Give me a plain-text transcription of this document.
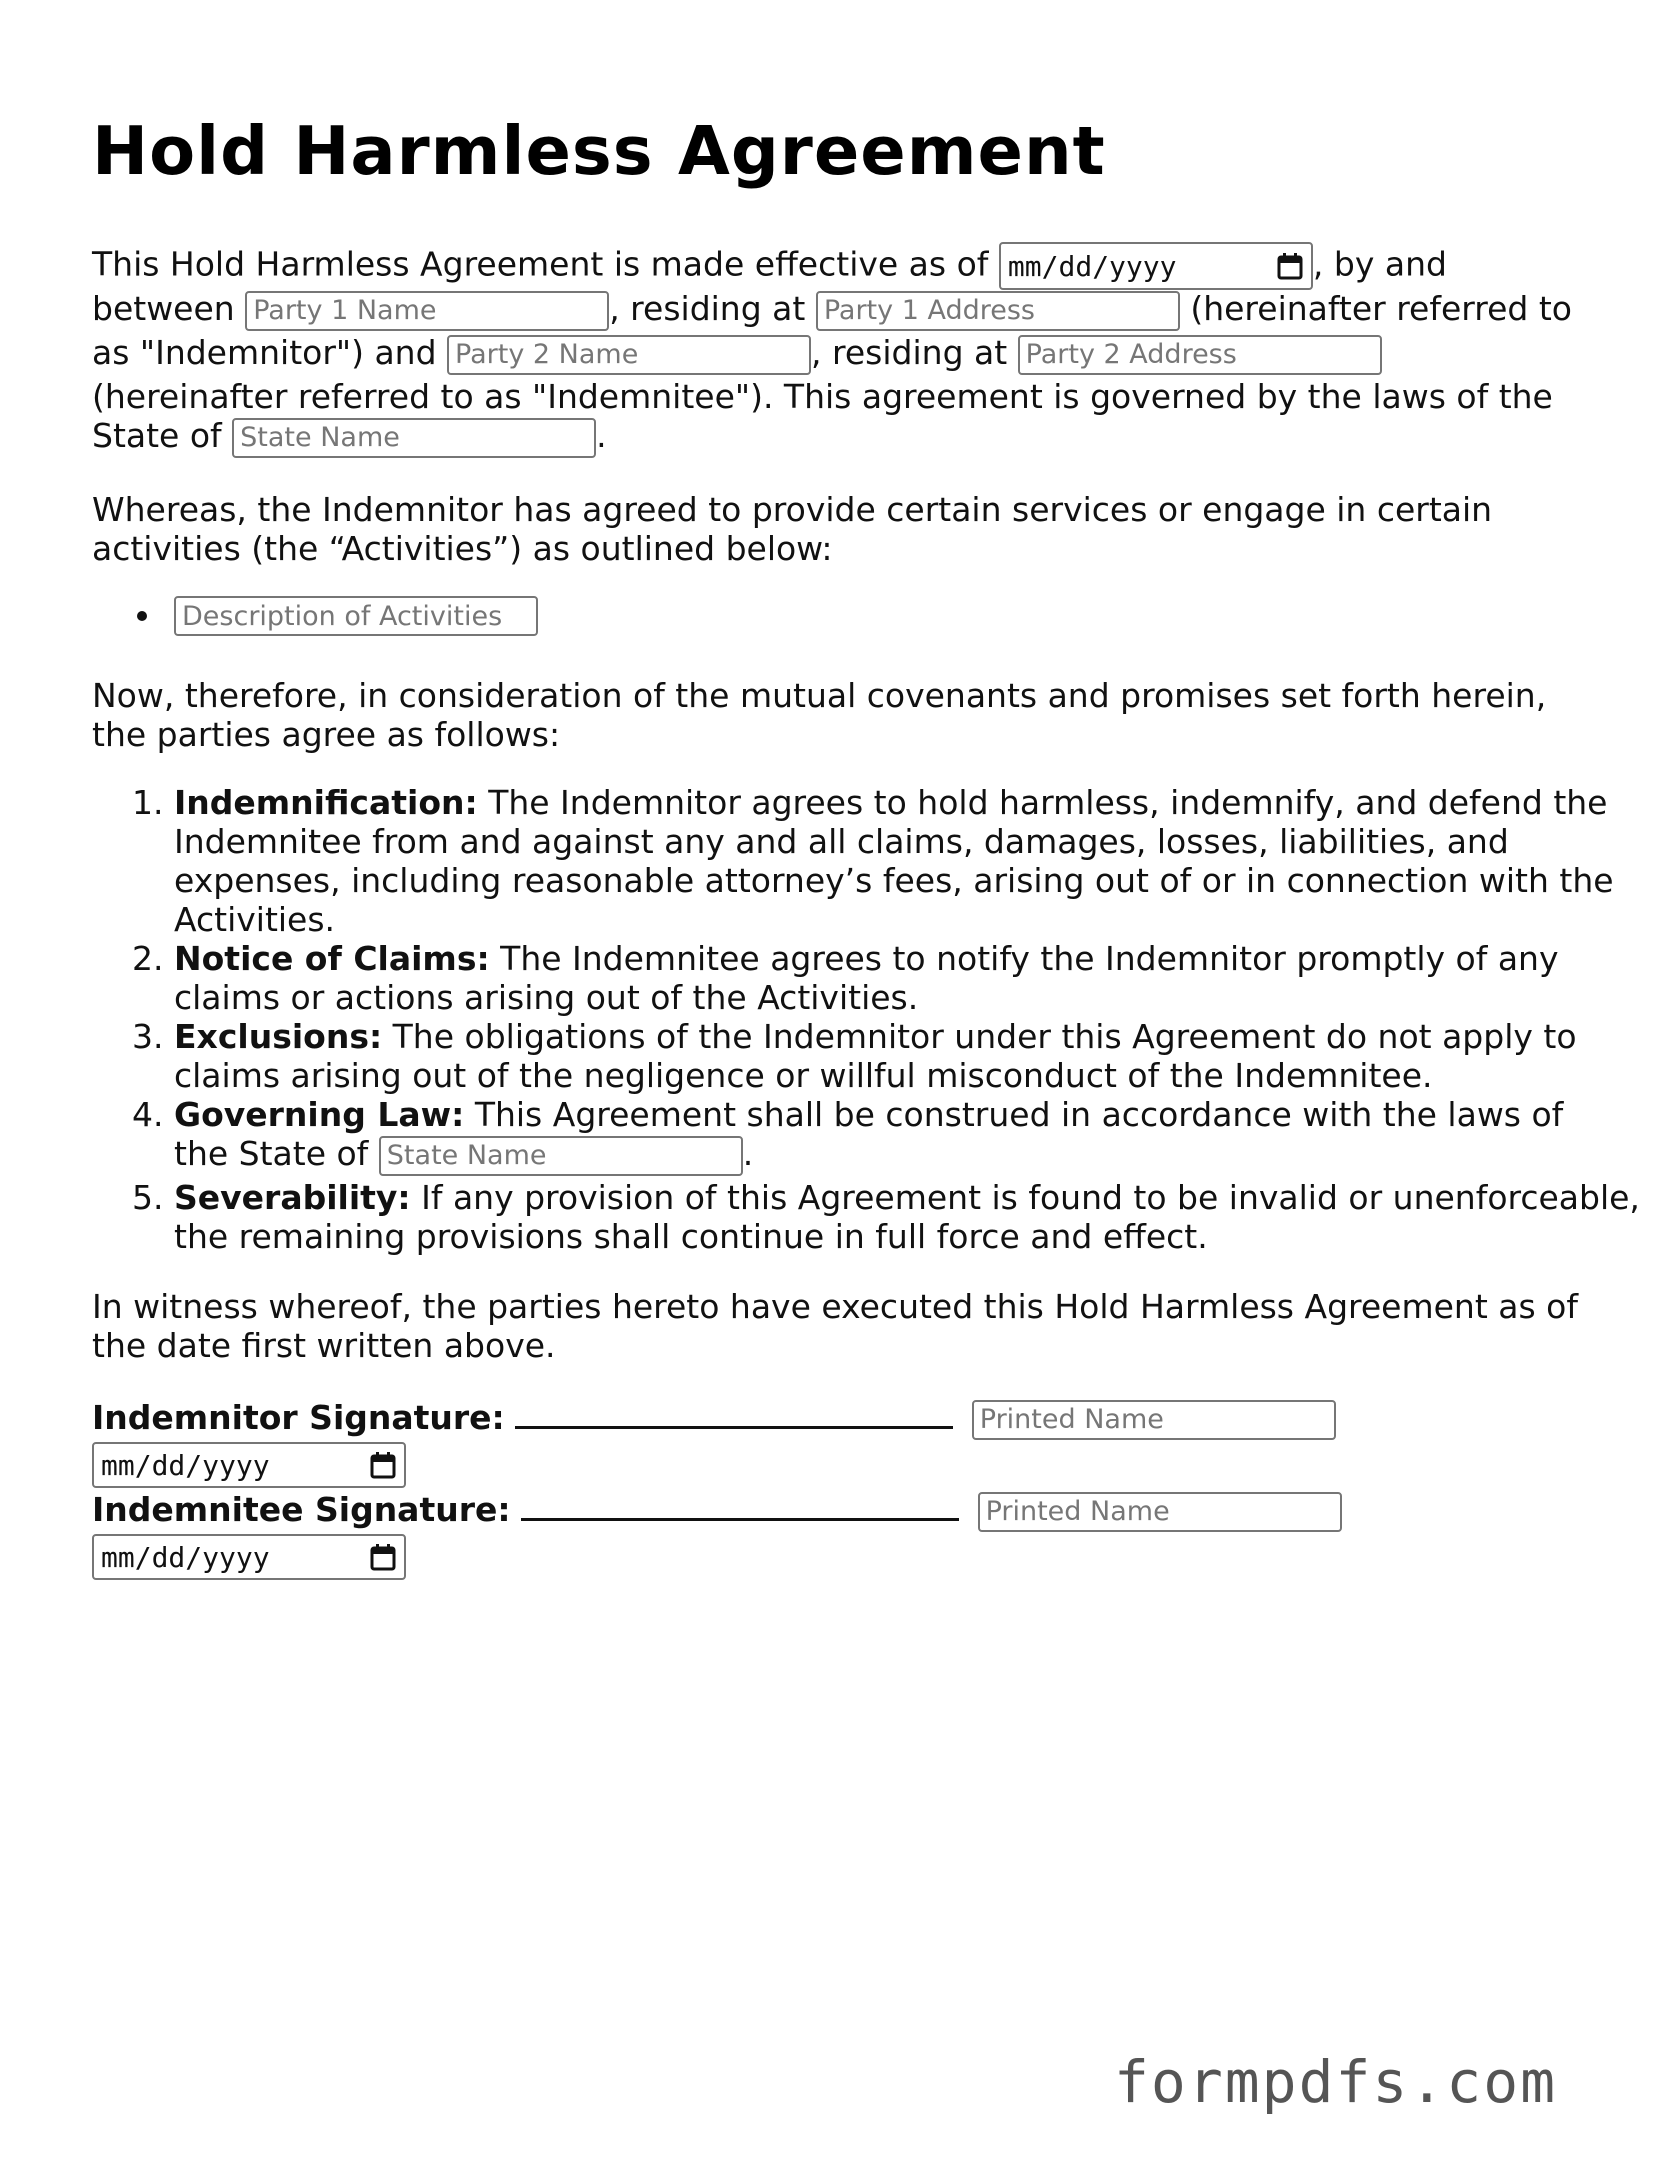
Hold Harmless Agreement
This Hold Harmless Agreement is made effective as of mm/dd/yyyy	, by and
between Party 1 Name	, residing at Party 1 Address	(hereinafter referred to
as "Indemnitor") and Party 2 Name	, residing at Party 2 Address
(hereinafter referred to as "Indemnitee"). This agreement is governed by the laws of the
State of State Name	.
Whereas, the Indemnitor has agreed to provide certain services or engage in certain
activities (the “Activities”) as outlined below:
Description of Activities
Now, therefore, in consideration of the mutual covenants and promises set forth herein,
the parties agree as follows:
1. Indemnification: The Indemnitor agrees to hold harmless, indemnify, and defend the Indemnitee from and against any and all claims, damages, losses, liabilities, and expenses, including reasonable attorney’s fees, arising out of or in connection with the Activities.
2. Notice of Claims: The Indemnitee agrees to notify the Indemnitor promptly of any claims or actions arising out of the Activities.
3. Exclusions: The obligations of the Indemnitor under this Agreement do not apply to claims arising out of the negligence or willful misconduct of the Indemnitee.
4. Governing Law: This Agreement shall be construed in accordance with the laws of
the State of State Name	.
5. Severability: If any provision of this Agreement is found to be invalid or unenforceable, the remaining provisions shall continue in full force and effect.
In witness whereof, the parties hereto have executed this Hold Harmless Agreement as of
the date first written above.
Indemnitor Signature:  Printed Name
mm/dd/yyyy
Indemnitee Signature:  Printed Name
mm/dd/yyyy
formpdfs.com
